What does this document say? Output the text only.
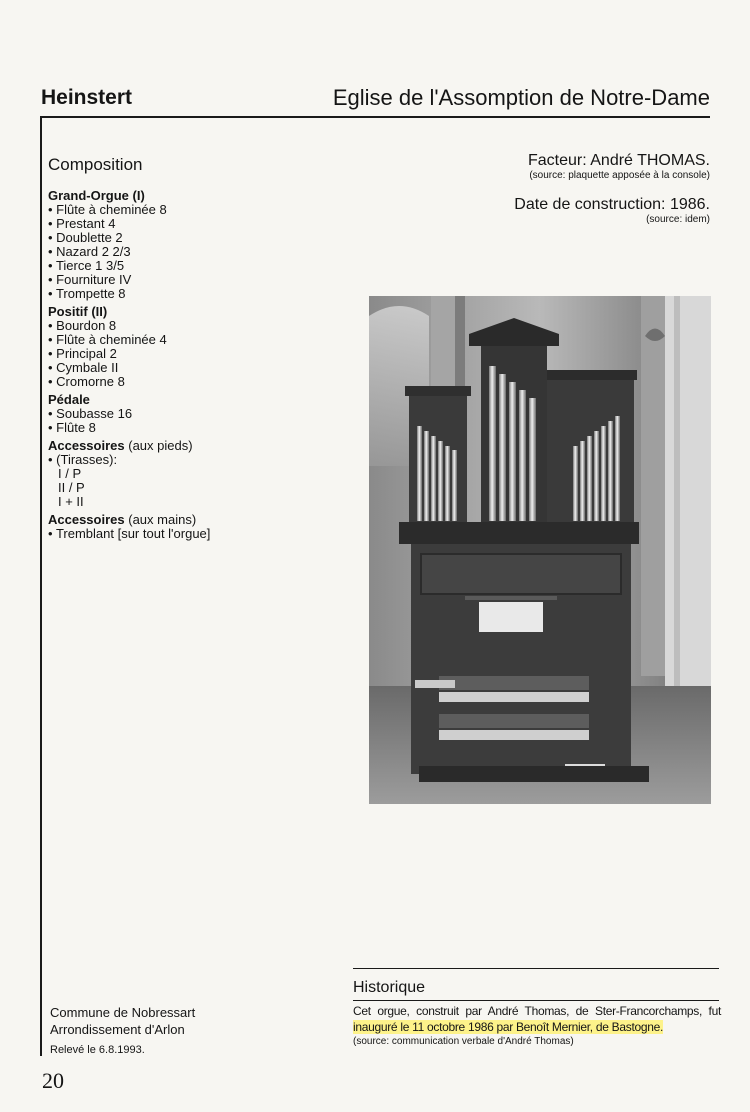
Heinstert	Eglise de l'Assomption de Notre-Dame
Composition
Grand-Orgue (I)
• Flûte à cheminée 8
• Prestant 4
• Doublette 2
• Nazard 2 2/3
• Tierce 1 3/5
• Fourniture IV
• Trompette 8
Positif (II)
• Bourdon 8
• Flûte à cheminée 4
• Principal 2
• Cymbale II
• Cromorne 8
Pédale
• Soubasse 16
• Flûte 8
Accessoires (aux pieds)
• (Tirasses):
I / P
II / P
I + II
Accessoires (aux mains)
• Tremblant [sur tout l'orgue]
Facteur: André THOMAS.
(source: plaquette apposée à la console)
Date de construction: 1986.
(source: idem)
Historique
Cet orgue, construit par André Thomas, de Ster-Francorchamps, fut inauguré le 11 octobre 1986 par Benoît Mernier, de Bastogne.
(source: communication verbale d'André Thomas)
Commune de Nobressart
Arrondissement d'Arlon
Relevé le 6.8.1993.
20
